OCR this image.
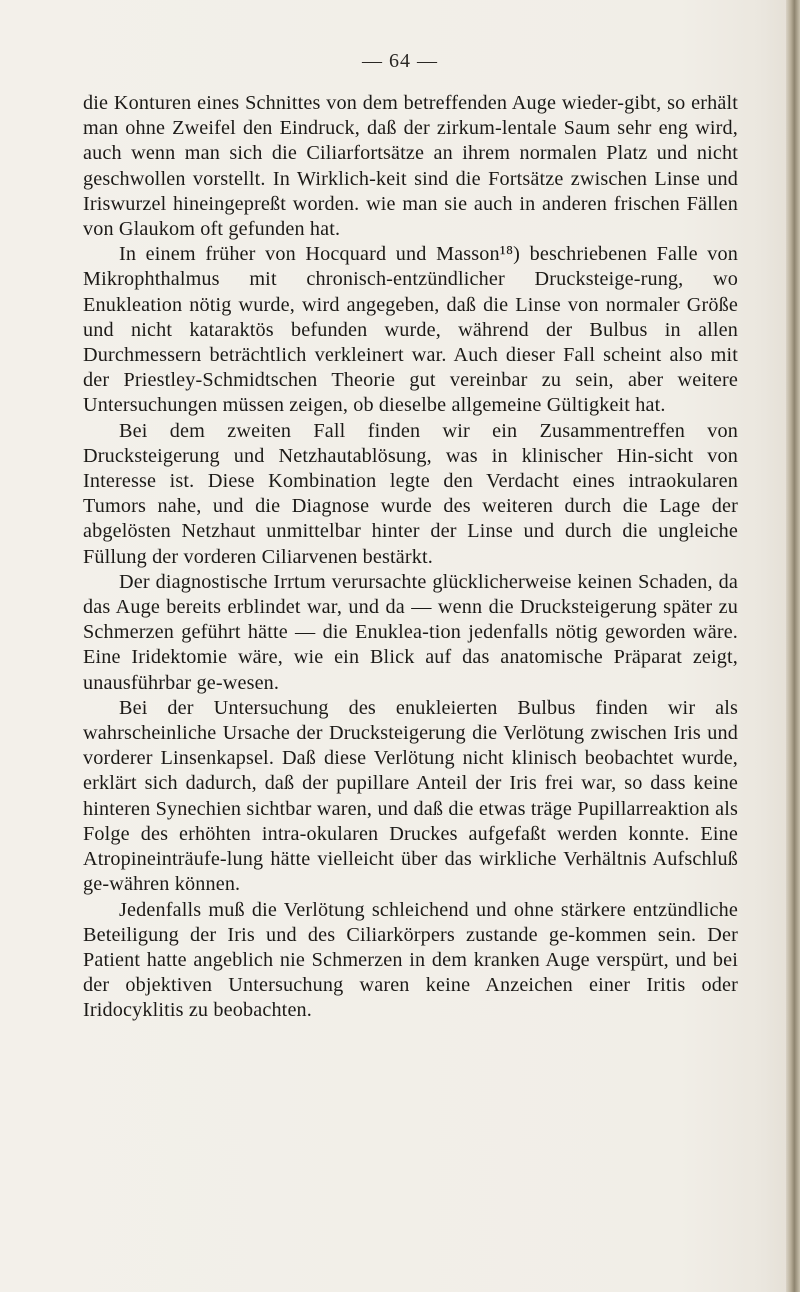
— 64 —

die Konturen eines Schnittes von dem betreffenden Auge wieder-gibt, so erhält man ohne Zweifel den Eindruck, daß der zirkum-lentale Saum sehr eng wird, auch wenn man sich die Ciliarfortsätze an ihrem normalen Platz und nicht geschwollen vorstellt. In Wirklich-keit sind die Fortsätze zwischen Linse und Iriswurzel hineingepreßt worden. wie man sie auch in anderen frischen Fällen von Glaukom oft gefunden hat.

In einem früher von Hocquard und Masson¹⁸) beschriebenen Falle von Mikrophthalmus mit chronisch-entzündlicher Drucksteige-rung, wo Enukleation nötig wurde, wird angegeben, daß die Linse von normaler Größe und nicht kataraktös befunden wurde, während der Bulbus in allen Durchmessern beträchtlich verkleinert war. Auch dieser Fall scheint also mit der Priestley-Schmidtschen Theorie gut vereinbar zu sein, aber weitere Untersuchungen müssen zeigen, ob dieselbe allgemeine Gültigkeit hat.

Bei dem zweiten Fall finden wir ein Zusammentreffen von Drucksteigerung und Netzhautablösung, was in klinischer Hin-sicht von Interesse ist. Diese Kombination legte den Verdacht eines intraokularen Tumors nahe, und die Diagnose wurde des weiteren durch die Lage der abgelösten Netzhaut unmittelbar hinter der Linse und durch die ungleiche Füllung der vorderen Ciliarvenen bestärkt.

Der diagnostische Irrtum verursachte glücklicherweise keinen Schaden, da das Auge bereits erblindet war, und da — wenn die Drucksteigerung später zu Schmerzen geführt hätte — die Enuklea-tion jedenfalls nötig geworden wäre. Eine Iridektomie wäre, wie ein Blick auf das anatomische Präparat zeigt, unausführbar ge-wesen.

Bei der Untersuchung des enukleierten Bulbus finden wir als wahrscheinliche Ursache der Drucksteigerung die Verlötung zwischen Iris und vorderer Linsenkapsel. Daß diese Verlötung nicht klinisch beobachtet wurde, erklärt sich dadurch, daß der pupillare Anteil der Iris frei war, so dass keine hinteren Synechien sichtbar waren, und daß die etwas träge Pupillarreaktion als Folge des erhöhten intra-okularen Druckes aufgefaßt werden konnte. Eine Atropineinträufe-lung hätte vielleicht über das wirkliche Verhältnis Aufschluß ge-währen können.

Jedenfalls muß die Verlötung schleichend und ohne stärkere entzündliche Beteiligung der Iris und des Ciliarkörpers zustande ge-kommen sein. Der Patient hatte angeblich nie Schmerzen in dem kranken Auge verspürt, und bei der objektiven Untersuchung waren keine Anzeichen einer Iritis oder Iridocyklitis zu beobachten.
